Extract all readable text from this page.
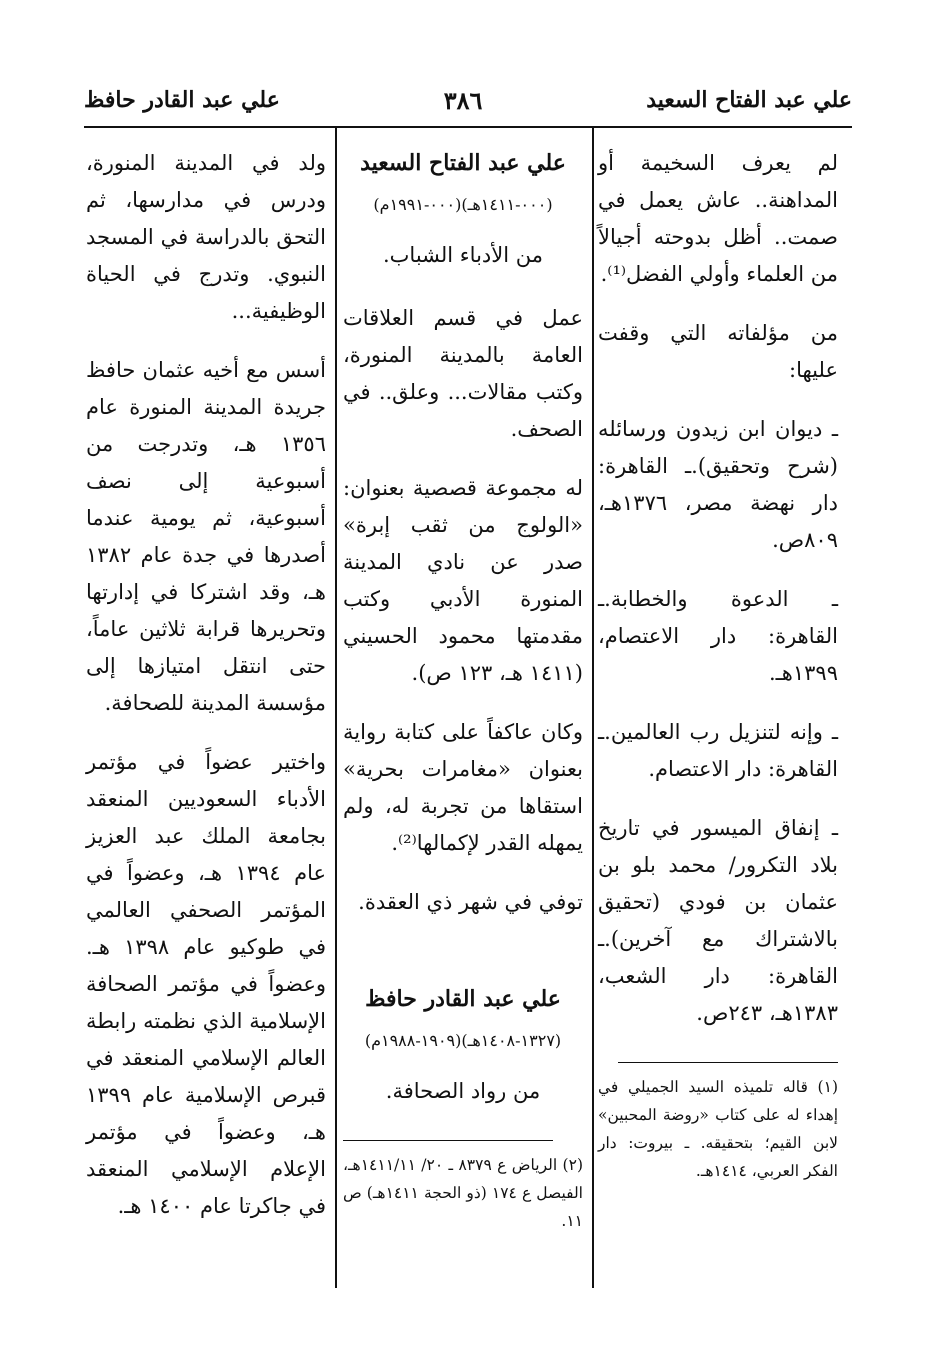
علي عبد الفتاح السعيد
٣٨٦
علي عبد القادر حافظ

لم يعرف السخيمة أو المداهنة.. عاش يعمل في صمت.. أظل بدوحته أجيالاً من العلماء وأولي الفضل⁽¹⁾.

من مؤلفاته التي وقفت عليها:

ـ ديوان ابن زيدون ورسائله (شرح وتحقيق).ـ القاهرة: دار نهضة مصر، ١٣٧٦هـ، ٨٠٩ص.

ـ الدعوة والخطابة.ـ القاهرة: دار الاعتصام، ١٣٩٩هـ.

ـ وإنه لتنزيل رب العالمين.ـ القاهرة: دار الاعتصام.

ـ إنفاق الميسور في تاريخ بلاد التكرور/ محمد بلو بن عثمان بن فودي (تحقيق بالاشتراك مع آخرين).ـ القاهرة: دار الشعب، ١٣٨٣هـ، ٢٤٣ص.

(١) قاله تلميذه السيد الجميلي في إهداء له على كتاب «روضة المحبين» لابن القيم؛ بتحقيقه. ـ بيروت: دار الفكر العربي، ١٤١٤هـ.

علي عبد الفتاح السعيد
(٠٠٠-١٤١١هـ)(٠٠٠-١٩٩١م)

من الأدباء الشباب.

عمل في قسم العلاقات العامة بالمدينة المنورة، وكتب مقالات... وعلق.. في الصحف.

له مجموعة قصصية بعنوان: «الولوج من ثقب إبرة» صدر عن نادي المدينة المنورة الأدبي وكتب مقدمتها محمود الحسيني (١٤١١ هـ، ١٢٣ ص).

وكان عاكفاً على كتابة رواية بعنوان «مغامرات بحرية» استقاها من تجربة له، ولم يمهله القدر لإكمالها⁽²⁾.

توفي في شهر ذي العقدة.

علي عبد القادر حافظ
(١٣٢٧-١٤٠٨هـ)(١٩٠٩-١٩٨٨م)

من رواد الصحافة.

(٢) الرياض ع ٨٣٧٩ ـ ٢٠/ ١٤١١/١١هـ، الفيصل ع ١٧٤ (ذو الحجة ١٤١١هـ) ص ١١.

ولد في المدينة المنورة، ودرس في مدارسها، ثم التحق بالدراسة في المسجد النبوي. وتدرج في الحياة الوظيفية...

أسس مع أخيه عثمان حافظ جريدة المدينة المنورة عام ١٣٥٦ هـ، وتدرجت من أسبوعية إلى نصف أسبوعية، ثم يومية عندما أصدرها في جدة عام ١٣٨٢ هـ، وقد اشتركا في إدارتها وتحريرها قرابة ثلاثين عاماً، حتى انتقل امتيازها إلى مؤسسة المدينة للصحافة.

واختير عضواً في مؤتمر الأدباء السعوديين المنعقد بجامعة الملك عبد العزيز عام ١٣٩٤ هـ، وعضواً في المؤتمر الصحفي العالمي في طوكيو عام ١٣٩٨ هـ. وعضواً في مؤتمر الصحافة الإسلامية الذي نظمته رابطة العالم الإسلامي المنعقد في قبرص الإسلامية عام ١٣٩٩ هـ، وعضواً في مؤتمر الإعلام الإسلامي المنعقد في جاكرتا عام ١٤٠٠ هـ.
